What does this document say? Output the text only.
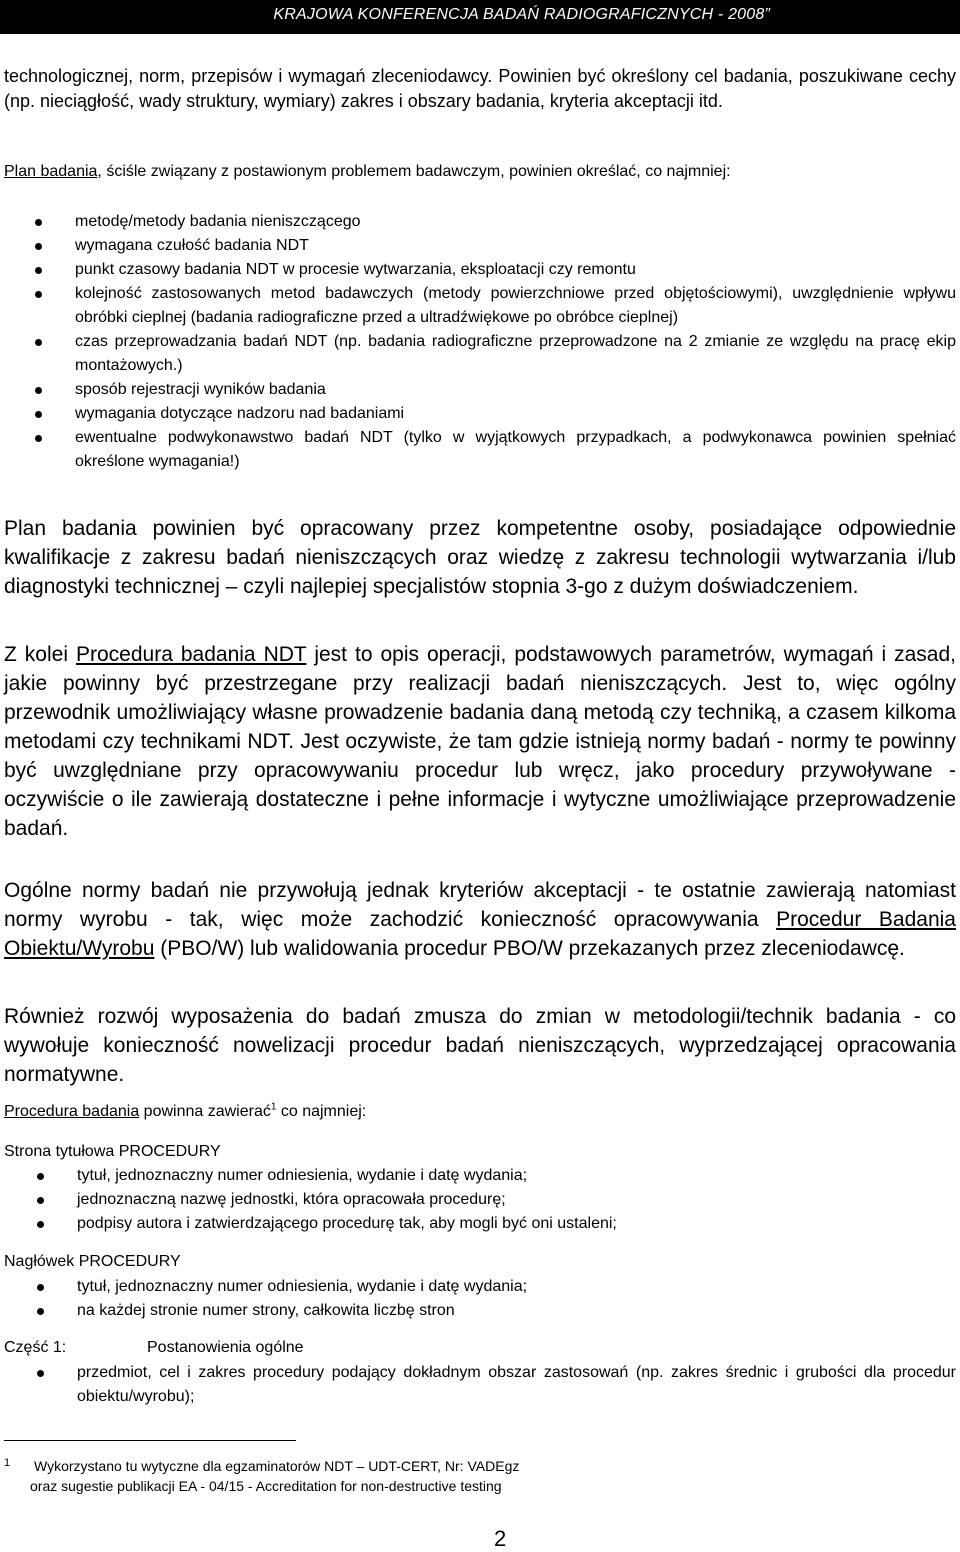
KRAJOWA KONFERENCJA BADAŃ RADIOGRAFICZNYCH - 2008”
technologicznej, norm, przepisów i wymagań zleceniodawcy. Powinien być określony cel badania, poszukiwane cechy (np. nieciągłość, wady struktury, wymiary) zakres i obszary badania, kryteria akceptacji itd.
Plan badania, ściśle związany z postawionym problemem badawczym, powinien określać, co najmniej:
metodę/metody badania nieniszczącego
wymagana czułość badania NDT
punkt czasowy badania NDT w procesie wytwarzania, eksploatacji czy remontu
kolejność zastosowanych metod badawczych (metody powierzchniowe przed objętościowymi), uwzględnienie wpływu obróbki cieplnej (badania radiograficzne przed a ultradźwiękowe po obróbce cieplnej)
czas przeprowadzania badań NDT (np. badania radiograficzne przeprowadzone na 2 zmianie ze względu na pracę ekip montażowych.)
sposób rejestracji wyników badania
wymagania dotyczące nadzoru nad badaniami
ewentualne podwykonawstwo badań NDT (tylko w wyjątkowych przypadkach, a podwykonawca powinien spełniać określone wymagania!)
Plan badania powinien być opracowany przez kompetentne osoby, posiadające odpowiednie kwalifikacje z zakresu badań nieniszczących oraz wiedzę z zakresu technologii wytwarzania i/lub diagnostyki technicznej – czyli najlepiej specjalistów stopnia 3-go z dużym doświadczeniem.
Z kolei Procedura badania NDT jest to opis operacji, podstawowych parametrów, wymagań i zasad, jakie powinny być przestrzegane przy realizacji badań nieniszczących. Jest to, więc ogólny przewodnik umożliwiający własne prowadzenie badania daną metodą czy techniką, a czasem kilkoma metodami czy technikami NDT. Jest oczywiste, że tam gdzie istnieją normy badań - normy te powinny być uwzględniane przy opracowywaniu procedur lub wręcz, jako procedury przywoływane - oczywiście o ile zawierają dostateczne i pełne informacje i wytyczne umożliwiające przeprowadzenie badań.
Ogólne normy badań nie przywołują jednak kryteriów akceptacji - te ostatnie zawierają natomiast normy wyrobu - tak, więc może zachodzić konieczność opracowywania Procedur Badania Obiektu/Wyrobu (PBO/W) lub walidowania procedur PBO/W przekazanych przez zleceniodawcę.
Również rozwój wyposażenia do badań zmusza do zmian w metodologii/technik badania - co wywołuje konieczność nowelizacji procedur badań nieniszczących, wyprzedzającej opracowania normatywne.
Procedura badania powinna zawierać$^1$ co najmniej:
Strona tytułowa PROCEDURY
tytuł, jednoznaczny numer odniesienia, wydanie i datę wydania;
jednoznaczną nazwę jednostki, która opracowała procedurę;
podpisy autora i zatwierdzającego procedurę tak, aby mogli być oni ustaleni;
Nagłówek PROCEDURY
tytuł, jednoznaczny numer odniesienia, wydanie i datę wydania;
na każdej stronie numer strony, całkowita liczbę stron
Część 1:	Postanowienia ogólne
przedmiot, cel i zakres procedury podający dokładnym obszar zastosowań (np. zakres średnic i grubości dla procedur obiektu/wyrobu);
1 Wykorzystano tu wytyczne dla egzaminatorów NDT – UDT-CERT, Nr: VADEgz
oraz sugestie publikacji EA - 04/15 - Accreditation for non-destructive testing
2
